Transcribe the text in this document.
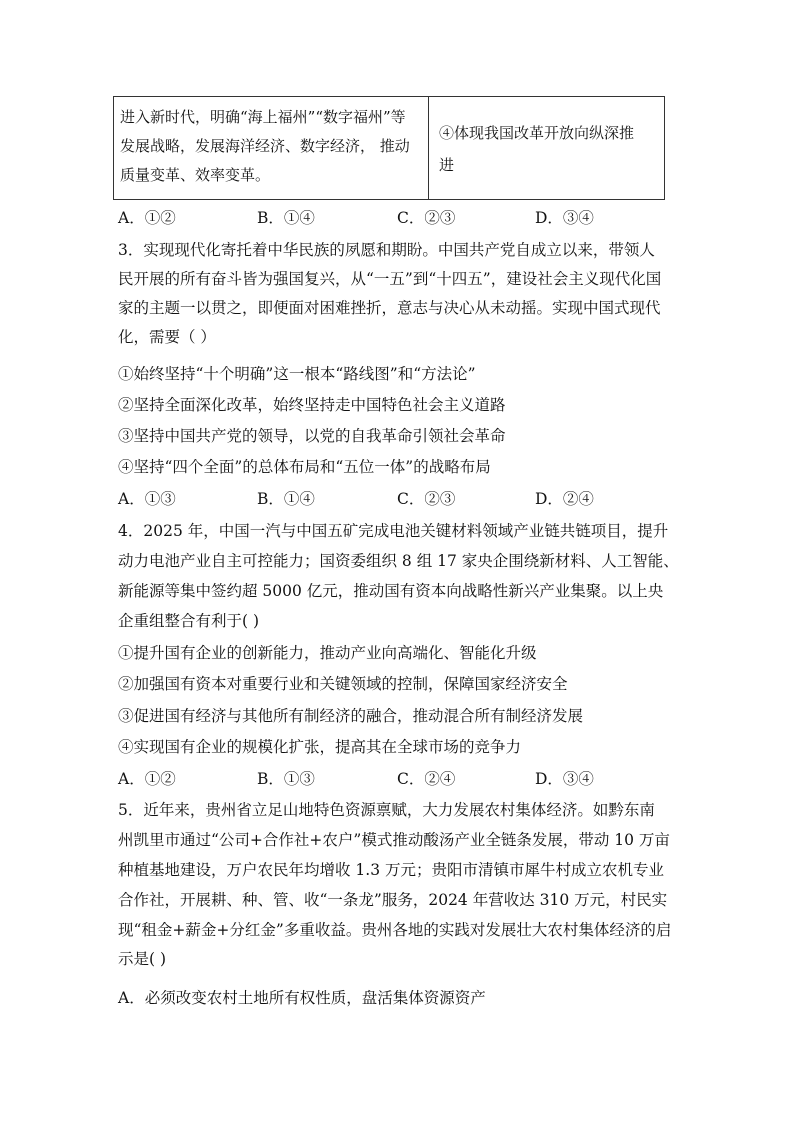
进入新时代，明确“海上福州”“数字福州”等
发展战略，发展海洋经济、数字经济， 推动
质量变革、效率变革。
④体现我国改革开放向纵深推
进
A．①②	B．①④	C．②③	D．③④
3．实现现代化寄托着中华民族的夙愿和期盼。中国共产党自成立以来，带领人
民开展的所有奋斗皆为强国复兴，从“一五”到“十四五”，建设社会主义现代化国
家的主题一以贯之，即便面对困难挫折，意志与决心从未动摇。实现中国式现代
化，需要（ ）
①始终坚持“十个明确”这一根本“路线图”和“方法论”
②坚持全面深化改革，始终坚持走中国特色社会主义道路
③坚持中国共产党的领导，以党的自我革命引领社会革命
④坚持“四个全面”的总体布局和“五位一体”的战略布局
A．①③	B．①④	C．②③	D．②④
4．2025 年，中国一汽与中国五矿完成电池关键材料领域产业链共链项目，提升
动力电池产业自主可控能力；国资委组织 8 组 17 家央企围绕新材料、人工智能、
新能源等集中签约超 5000 亿元，推动国有资本向战略性新兴产业集聚。以上央
企重组整合有利于( )
①提升国有企业的创新能力，推动产业向高端化、智能化升级
②加强国有资本对重要行业和关键领域的控制，保障国家经济安全
③促进国有经济与其他所有制经济的融合，推动混合所有制经济发展
④实现国有企业的规模化扩张，提高其在全球市场的竞争力
A．①②	B．①③	C．②④	D．③④
5．近年来，贵州省立足山地特色资源禀赋，大力发展农村集体经济。如黔东南
州凯里市通过“公司+合作社+农户”模式推动酸汤产业全链条发展，带动 10 万亩
种植基地建设，万户农民年均增收 1.3 万元；贵阳市清镇市犀牛村成立农机专业
合作社，开展耕、种、管、收“一条龙”服务，2024 年营收达 310 万元，村民实
现“租金+薪金+分红金”多重收益。贵州各地的实践对发展壮大农村集体经济的启
示是( )
A．必须改变农村土地所有权性质，盘活集体资源资产
